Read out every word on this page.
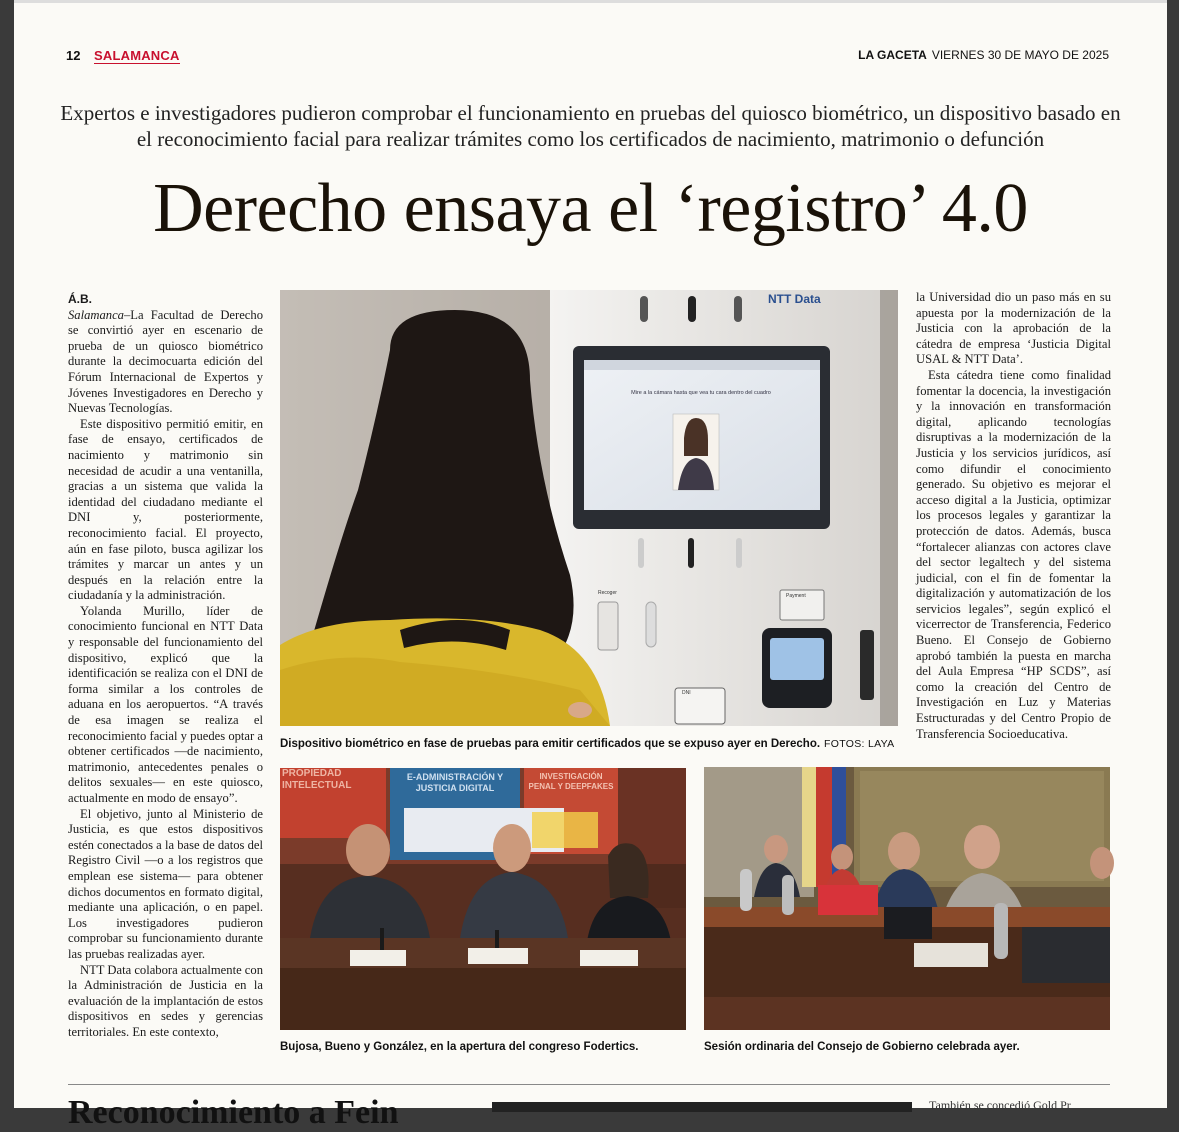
12 SALAMANCA	LA GACETA VIERNES 30 DE MAYO DE 2025
Expertos e investigadores pudieron comprobar el funcionamiento en pruebas del quiosco biométrico, un dispositivo basado en el reconocimiento facial para realizar trámites como los certificados de nacimiento, matrimonio o defunción
Derecho ensaya el ‘registro’ 4.0
Á.B.

Salamanca–La Facultad de Derecho se convirtió ayer en escenario de prueba de un quiosco biométrico durante la decimocuarta edición del Fórum Internacional de Expertos y Jóvenes Investigadores en Derecho y Nuevas Tecnologías.

Este dispositivo permitió emitir, en fase de ensayo, certificados de nacimiento y matrimonio sin necesidad de acudir a una ventanilla, gracias a un sistema que valida la identidad del ciudadano mediante el DNI y, posteriormente, reconocimiento facial. El proyecto, aún en fase piloto, busca agilizar los trámites y marcar un antes y un después en la relación entre la ciudadanía y la administración.

Yolanda Murillo, líder de conocimiento funcional en NTT Data y responsable del funcionamiento del dispositivo, explicó que la identificación se realiza con el DNI de forma similar a los controles de aduana en los aeropuertos. “A través de esa imagen se realiza el reconocimiento facial y puedes optar a obtener certificados —de nacimiento, matrimonio, antecedentes penales o delitos sexuales— en este quiosco, actualmente en modo de ensayo”.

El objetivo, junto al Ministerio de Justicia, es que estos dispositivos estén conectados a la base de datos del Registro Civil —o a los registros que emplean ese sistema— para obtener dichos documentos en formato digital, mediante una aplicación, o en papel. Los investigadores pudieron comprobar su funcionamiento durante las pruebas realizadas ayer.

NTT Data colabora actualmente con la Administración de Justicia en la evaluación de la implantación de estos dispositivos en sedes y gerencias territoriales. En este contexto,

NTT Data
Mire a la cámara hasta que vea tu cara dentro del cuadro
Recoger	Payment
DNI
Dispositivo biométrico en fase de pruebas para emitir certificados que se expuso ayer en Derecho. FOTOS: LAYA

la Universidad dio un paso más en su apuesta por la modernización de la Justicia con la aprobación de la cátedra de empresa ‘Justicia Digital USAL & NTT Data’.

Esta cátedra tiene como finalidad fomentar la docencia, la investigación y la innovación en transformación digital, aplicando tecnologías disruptivas a la modernización de la Justicia y los servicios jurídicos, así como difundir el conocimiento generado. Su objetivo es mejorar el acceso digital a la Justicia, optimizar los procesos legales y garantizar la protección de datos. Además, busca “fortalecer alianzas con actores clave del sector legaltech y del sistema judicial, con el fin de fomentar la digitalización y automatización de los servicios legales”, según explicó el vicerrector de Transferencia, Federico Bueno. El Consejo de Gobierno aprobó también la puesta en marcha del Aula Empresa “HP SCDS”, así como la creación del Centro de Investigación en Luz y Materias Estructuradas y del Centro Propio de Transferencia Socioeducativa.

PROPIEDAD INTELECTUAL
E-ADMINISTRACIÓN Y JUSTICIA DIGITAL
INVESTIGACIÓN PENAL Y DEEPFAKES
Bujosa, Bueno y González, en la apertura del congreso Fodertics.	Sesión ordinaria del Consejo de Gobierno celebrada ayer.
Reconocimiento a Fein	También se concedió Gold Pr
